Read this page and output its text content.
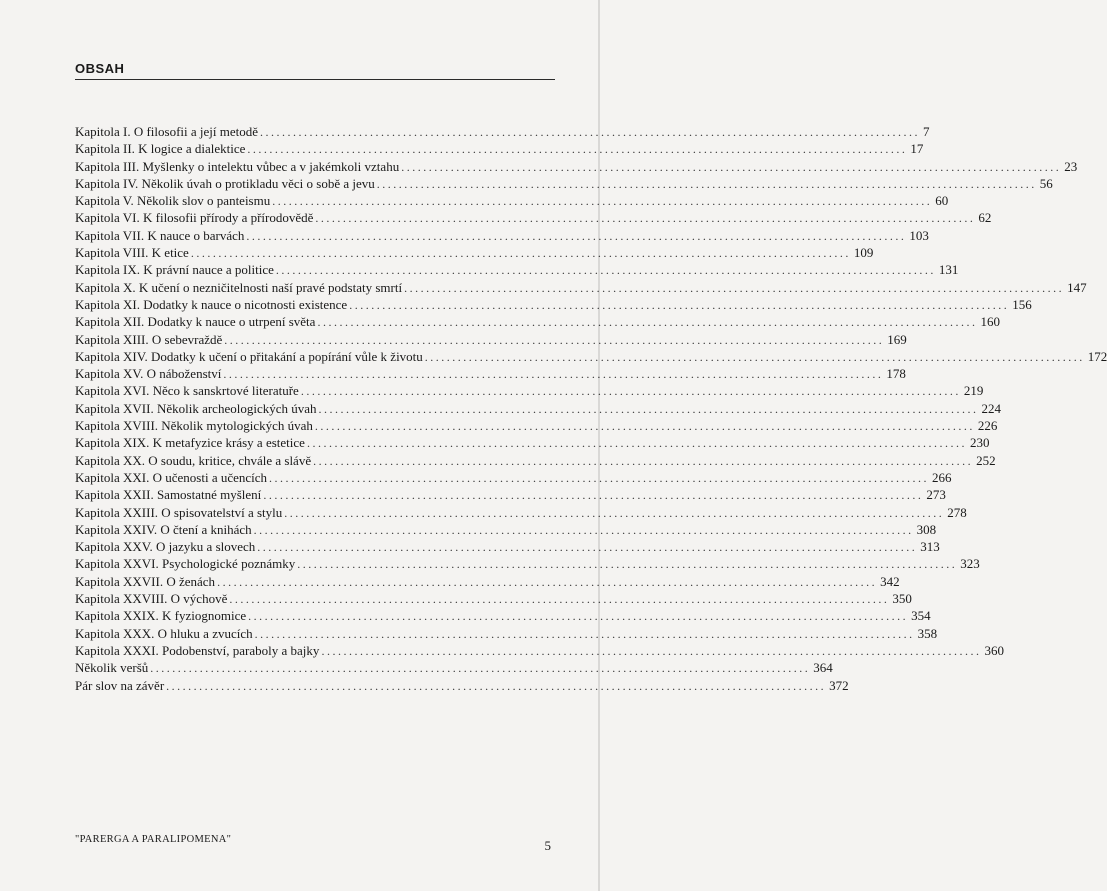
OBSAH
Kapitola I. O filosofii a její metodě ........................................................................................................................ 7
Kapitola II. K logice a dialektice ........................................................................................................................ 17
Kapitola III. Myšlenky o intelektu vůbec a v jakémkoli vztahu ........................................................................................................................ 23
Kapitola IV. Několik úvah o protikladu věci o sobě a jevu ........................................................................................................................ 56
Kapitola V. Několik slov o panteismu ........................................................................................................................ 60
Kapitola VI. K filosofii přírody a přírodovědě ........................................................................................................................ 62
Kapitola VII. K nauce o barvách ........................................................................................................................ 103
Kapitola VIII. K etice ........................................................................................................................ 109
Kapitola IX. K právní nauce a politice ........................................................................................................................ 131
Kapitola X. K učení o nezničitelnosti naší pravé podstaty smrtí ........................................................................................................................ 147
Kapitola XI. Dodatky k nauce o nicotnosti existence ........................................................................................................................ 156
Kapitola XII. Dodatky k nauce o utrpení světa ........................................................................................................................ 160
Kapitola XIII. O sebevraždě ........................................................................................................................ 169
Kapitola XIV. Dodatky k učení o přitakání a popírání vůle k životu ........................................................................................................................ 172
Kapitola XV. O náboženství ........................................................................................................................ 178
Kapitola XVI. Něco k sanskrtové literatuře ........................................................................................................................ 219
Kapitola XVII. Několik archeologických úvah ........................................................................................................................ 224
Kapitola XVIII. Několik mytologických úvah ........................................................................................................................ 226
Kapitola XIX. K metafyzice krásy a estetice ........................................................................................................................ 230
Kapitola XX. O soudu, kritice, chvále a slávě ........................................................................................................................ 252
Kapitola XXI. O učenosti a učencích ........................................................................................................................ 266
Kapitola XXII. Samostatné myšlení ........................................................................................................................ 273
Kapitola XXIII. O spisovatelství a stylu ........................................................................................................................ 278
Kapitola XXIV. O čtení a knihách ........................................................................................................................ 308
Kapitola XXV. O jazyku a slovech ........................................................................................................................ 313
Kapitola XXVI. Psychologické poznámky ........................................................................................................................ 323
Kapitola XXVII. O ženách ........................................................................................................................ 342
Kapitola XXVIII. O výchově ........................................................................................................................ 350
Kapitola XXIX. K fyziognomice ........................................................................................................................ 354
Kapitola XXX. O hluku a zvucích ........................................................................................................................ 358
Kapitola XXXI. Podobenství, paraboly a bajky ........................................................................................................................ 360
Několik veršů ........................................................................................................................ 364
Pár slov na závěr ........................................................................................................................ 372
"PARERGA A PARALIPOMENA"	5
